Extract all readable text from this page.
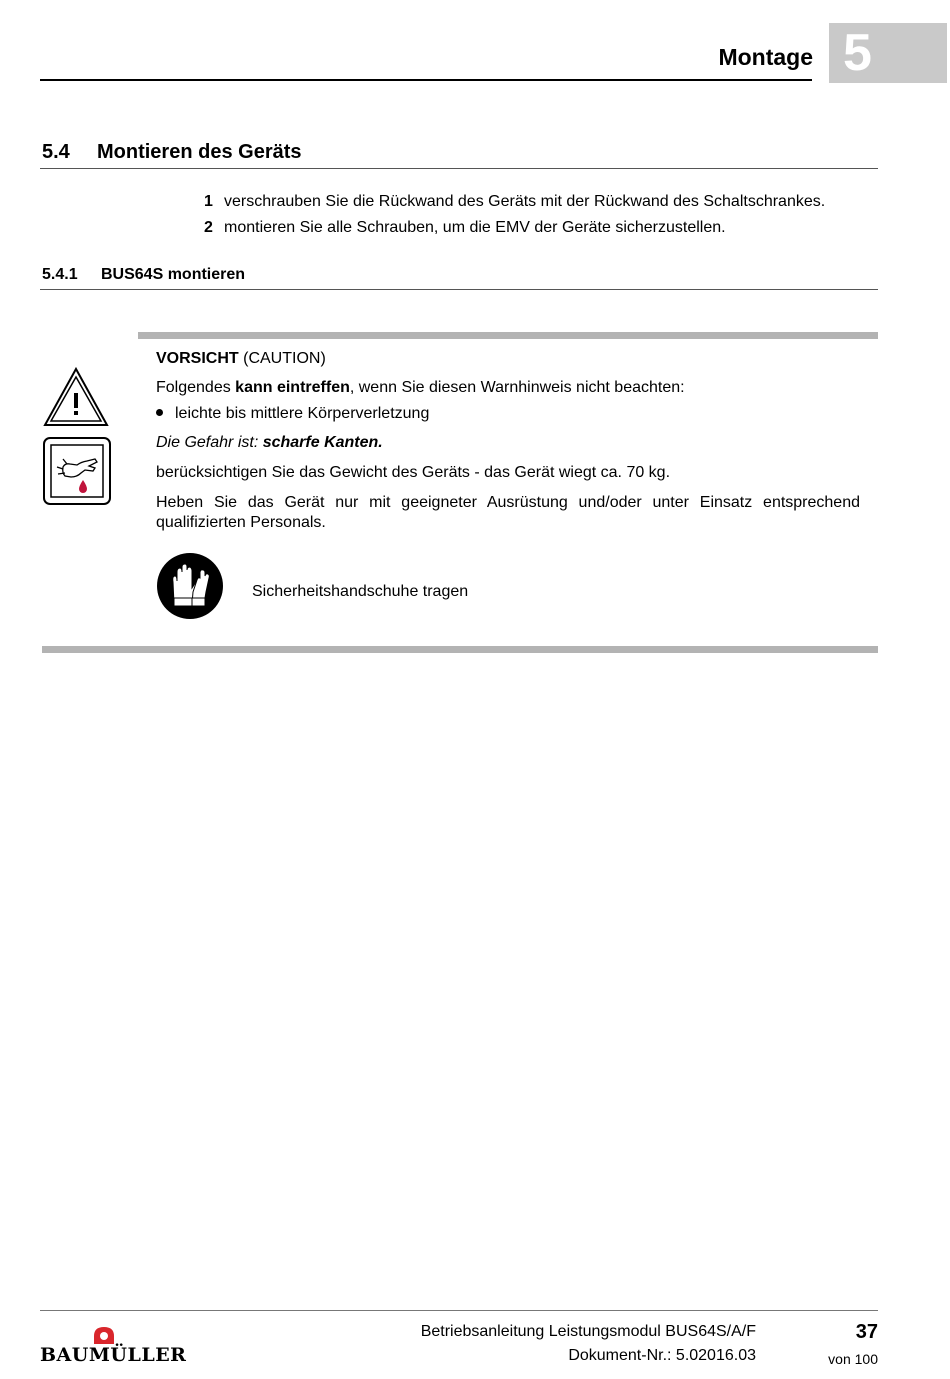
Montage 5
5.4 Montieren des Geräts
1 verschrauben Sie die Rückwand des Geräts mit der Rückwand des Schaltschrankes.
2 montieren Sie alle Schrauben, um die EMV der Geräte sicherzustellen.
5.4.1 BUS64S montieren
VORSICHT (CAUTION)
Folgendes kann eintreffen, wenn Sie diesen Warnhinweis nicht beachten:
leichte bis mittlere Körperverletzung
Die Gefahr ist: scharfe Kanten.
berücksichtigen Sie das Gewicht des Geräts - das Gerät wiegt ca. 70 kg.
Heben Sie das Gerät nur mit geeigneter Ausrüstung und/oder unter Einsatz entsprechend
qualifizierten Personals.
Sicherheitshandschuhe tragen
BAUMÜLLER
Betriebsanleitung Leistungsmodul BUS64S/A/F
Dokument-Nr.: 5.02016.03
37
von 100
